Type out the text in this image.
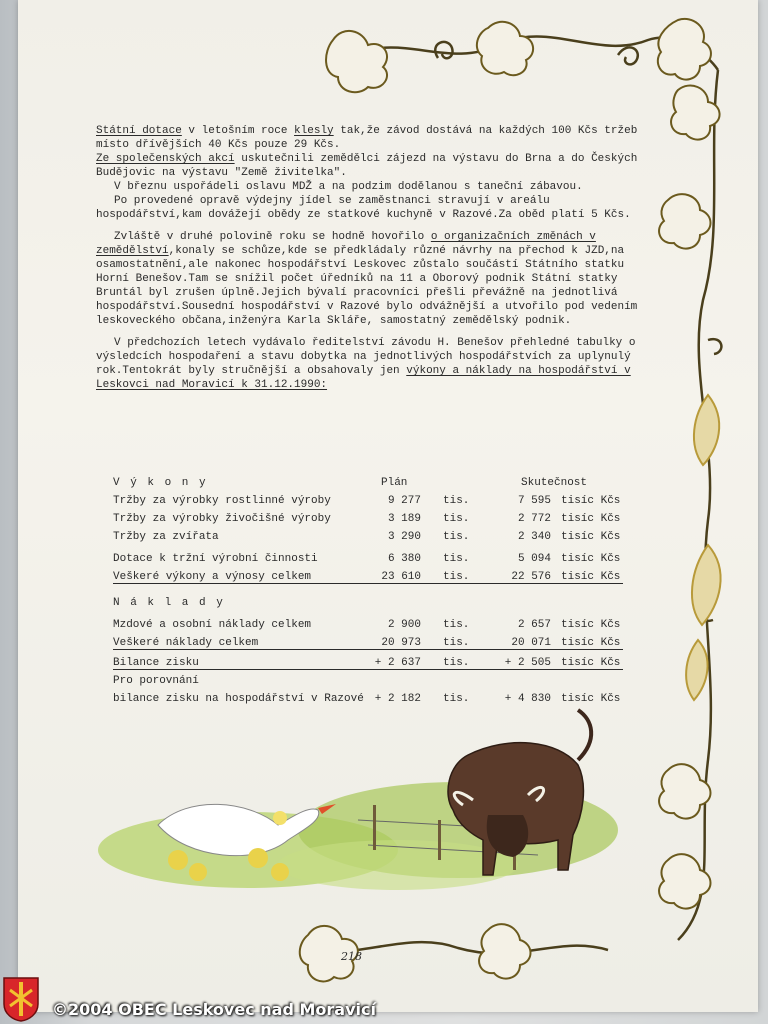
Státní dotace v letošním roce klesly tak,že závod dostává na každých 100 Kčs tržeb místo dřívějších 40 Kčs pouze 29 Kčs.

Ze společenských akcí uskutečnili zemědělci zájezd na výstavu do Brna a do Českých Budějovic na výstavu "Země živitelka".

V březnu uspořádeli oslavu MDŽ a na podzim dodělanou s taneční zábavou.

Po provedené opravě výdejny jídel se zaměstnanci stravují v areálu hospodářství,kam dovážejí obědy ze statkové kuchyně v Razové.Za oběd platí 5 Kčs.

Zvláště v druhé polovině roku se hodně hovořilo o organizačních změnách v zemědělství,konaly se schůze,kde se předkládaly různé návrhy na přechod k JZD,na osamostatnění,ale nakonec hospodářství Leskovec zůstalo součástí Státního statku Horní Benešov.Tam se snížil počet úředníků na 11 a Oborový podnik Státní statky Bruntál byl zrušen úplně.Jejich bývalí pracovníci přešli převážně na jednotlivá hospodářství.Sousední hospodářství v Razové bylo odvážnější a utvořilo pod vedením leskoveckého občana,inženýra Karla Skláře, samostatný zemědělský podnik.

V předchozích letech vydávalo ředitelství závodu H. Benešov přehledné tabulky o výsledcích hospodaření a stavu dobytka na jednotlivých hospodářstvích za uplynulý rok.Tentokrát byly stručnější a obsahovaly jen výkony a náklady na hospodářství v Leskovci nad Moravicí k 31.12.1990:

V ý k o n y	Plán	Skutečnost
Tržby za výrobky rostlinné výroby	9 277 tis.	7 595 tisíc Kčs
Tržby za výrobky živočišné výroby	3 189 tis.	2 772 tisíc Kčs
Tržby za zvířata	3 290 tis.	2 340 tisíc Kčs
Dotace k tržní výrobní činnosti	6 380 tis.	5 094 tisíc Kčs
Veškeré výkony a výnosy celkem	23 610 tis.	22 576 tisíc Kčs
N á k l a d y
Mzdové a osobní náklady celkem	2 900 tis.	2 657 tisíc Kčs
Veškeré náklady celkem	20 973 tis.	20 071 tisíc Kčs
Bilance zisku	+ 2 637 tis.	+ 2 505 tisíc Kčs
Pro porovnání
bilance zisku na hospodářství v Razové + 2 182 tis.	+ 4 830 tisíc Kčs
218
©2004 OBEC Leskovec nad Moravicí
